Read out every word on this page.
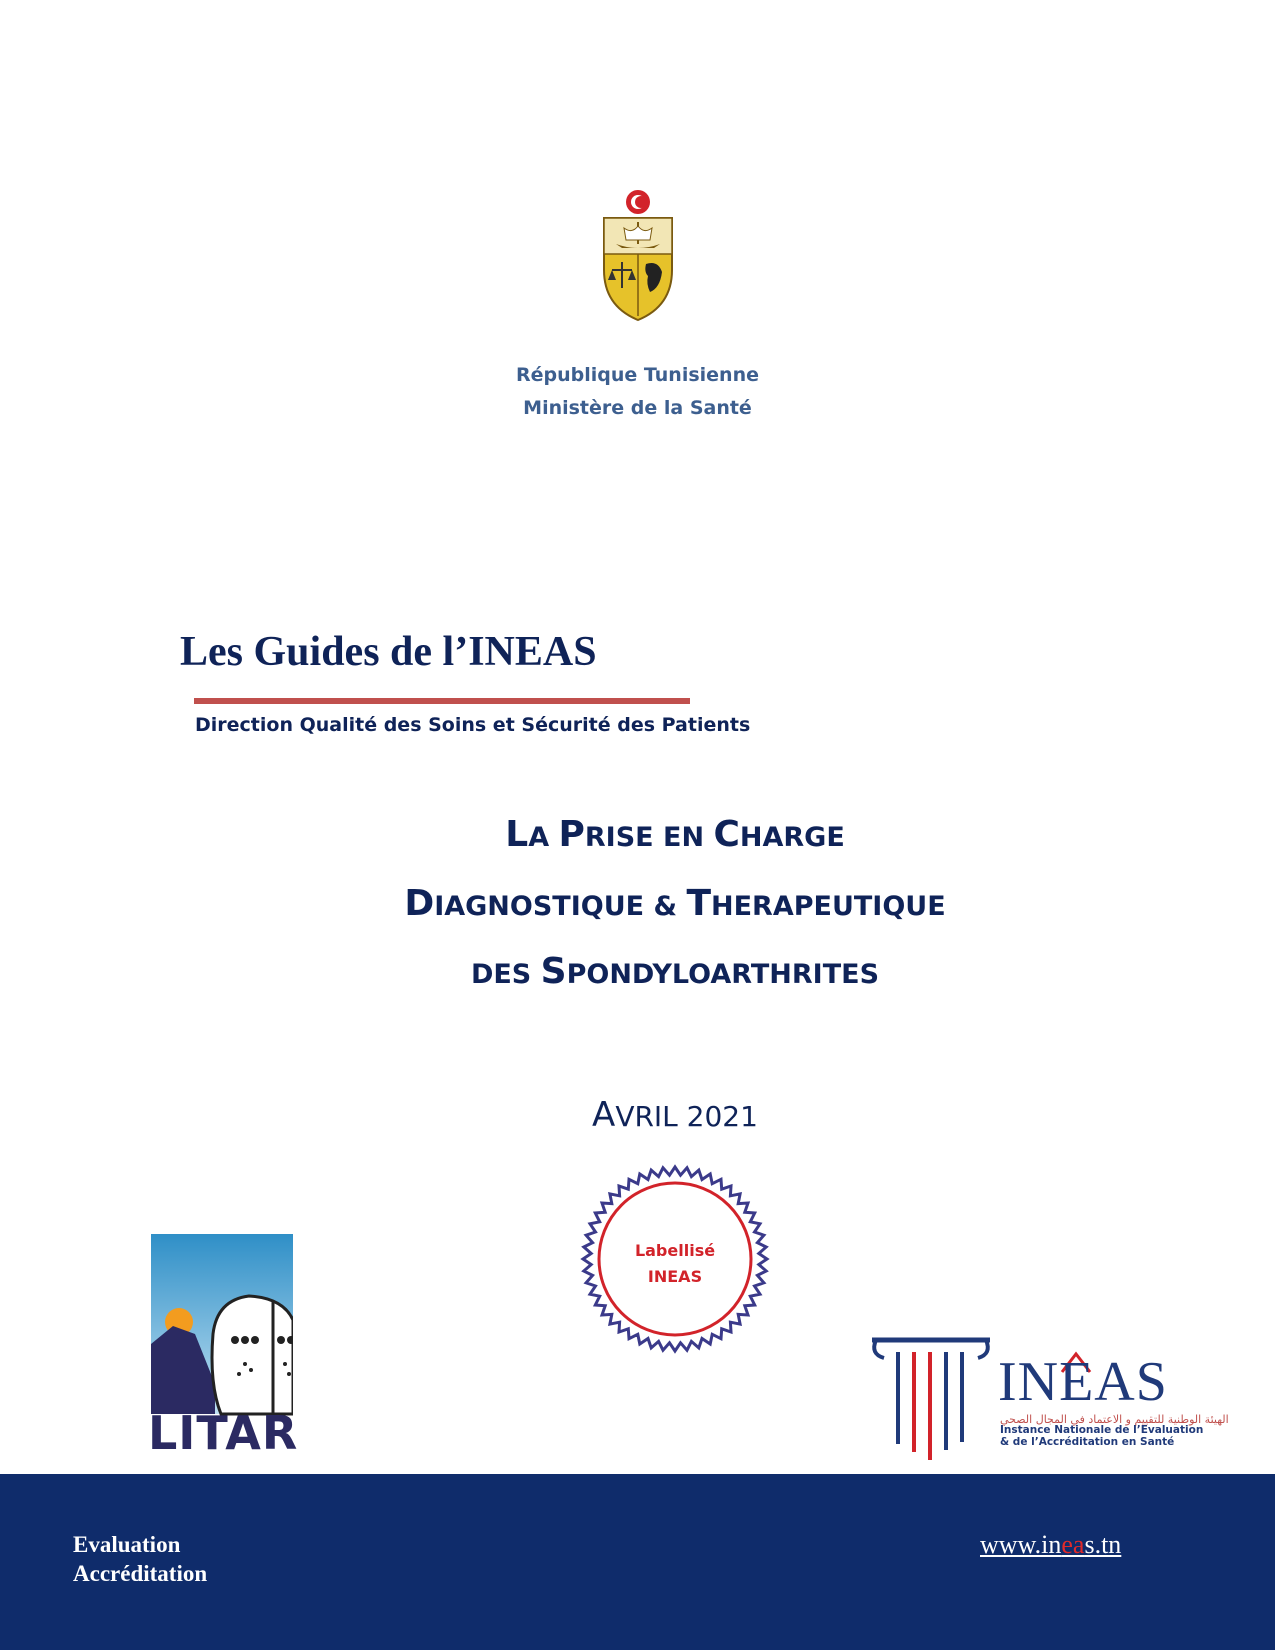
République Tunisienne
Ministère de la Santé
Les Guides de l’INEAS
Direction Qualité des Soins et Sécurité des Patients
LA PRISE EN CHARGE
DIAGNOSTIQUE & THERAPEUTIQUE
DES SPONDYLOARTHRITES
AVRIL 2021
Labellisé
INEAS
LITAR
INEAS
الهيئة الوطنية للتقييم و الاعتماد في المجال الصحي
Instance Nationale de l’Evaluation
& de l’Accréditation en Santé
Evaluation
Accréditation
www.ineas.tn
